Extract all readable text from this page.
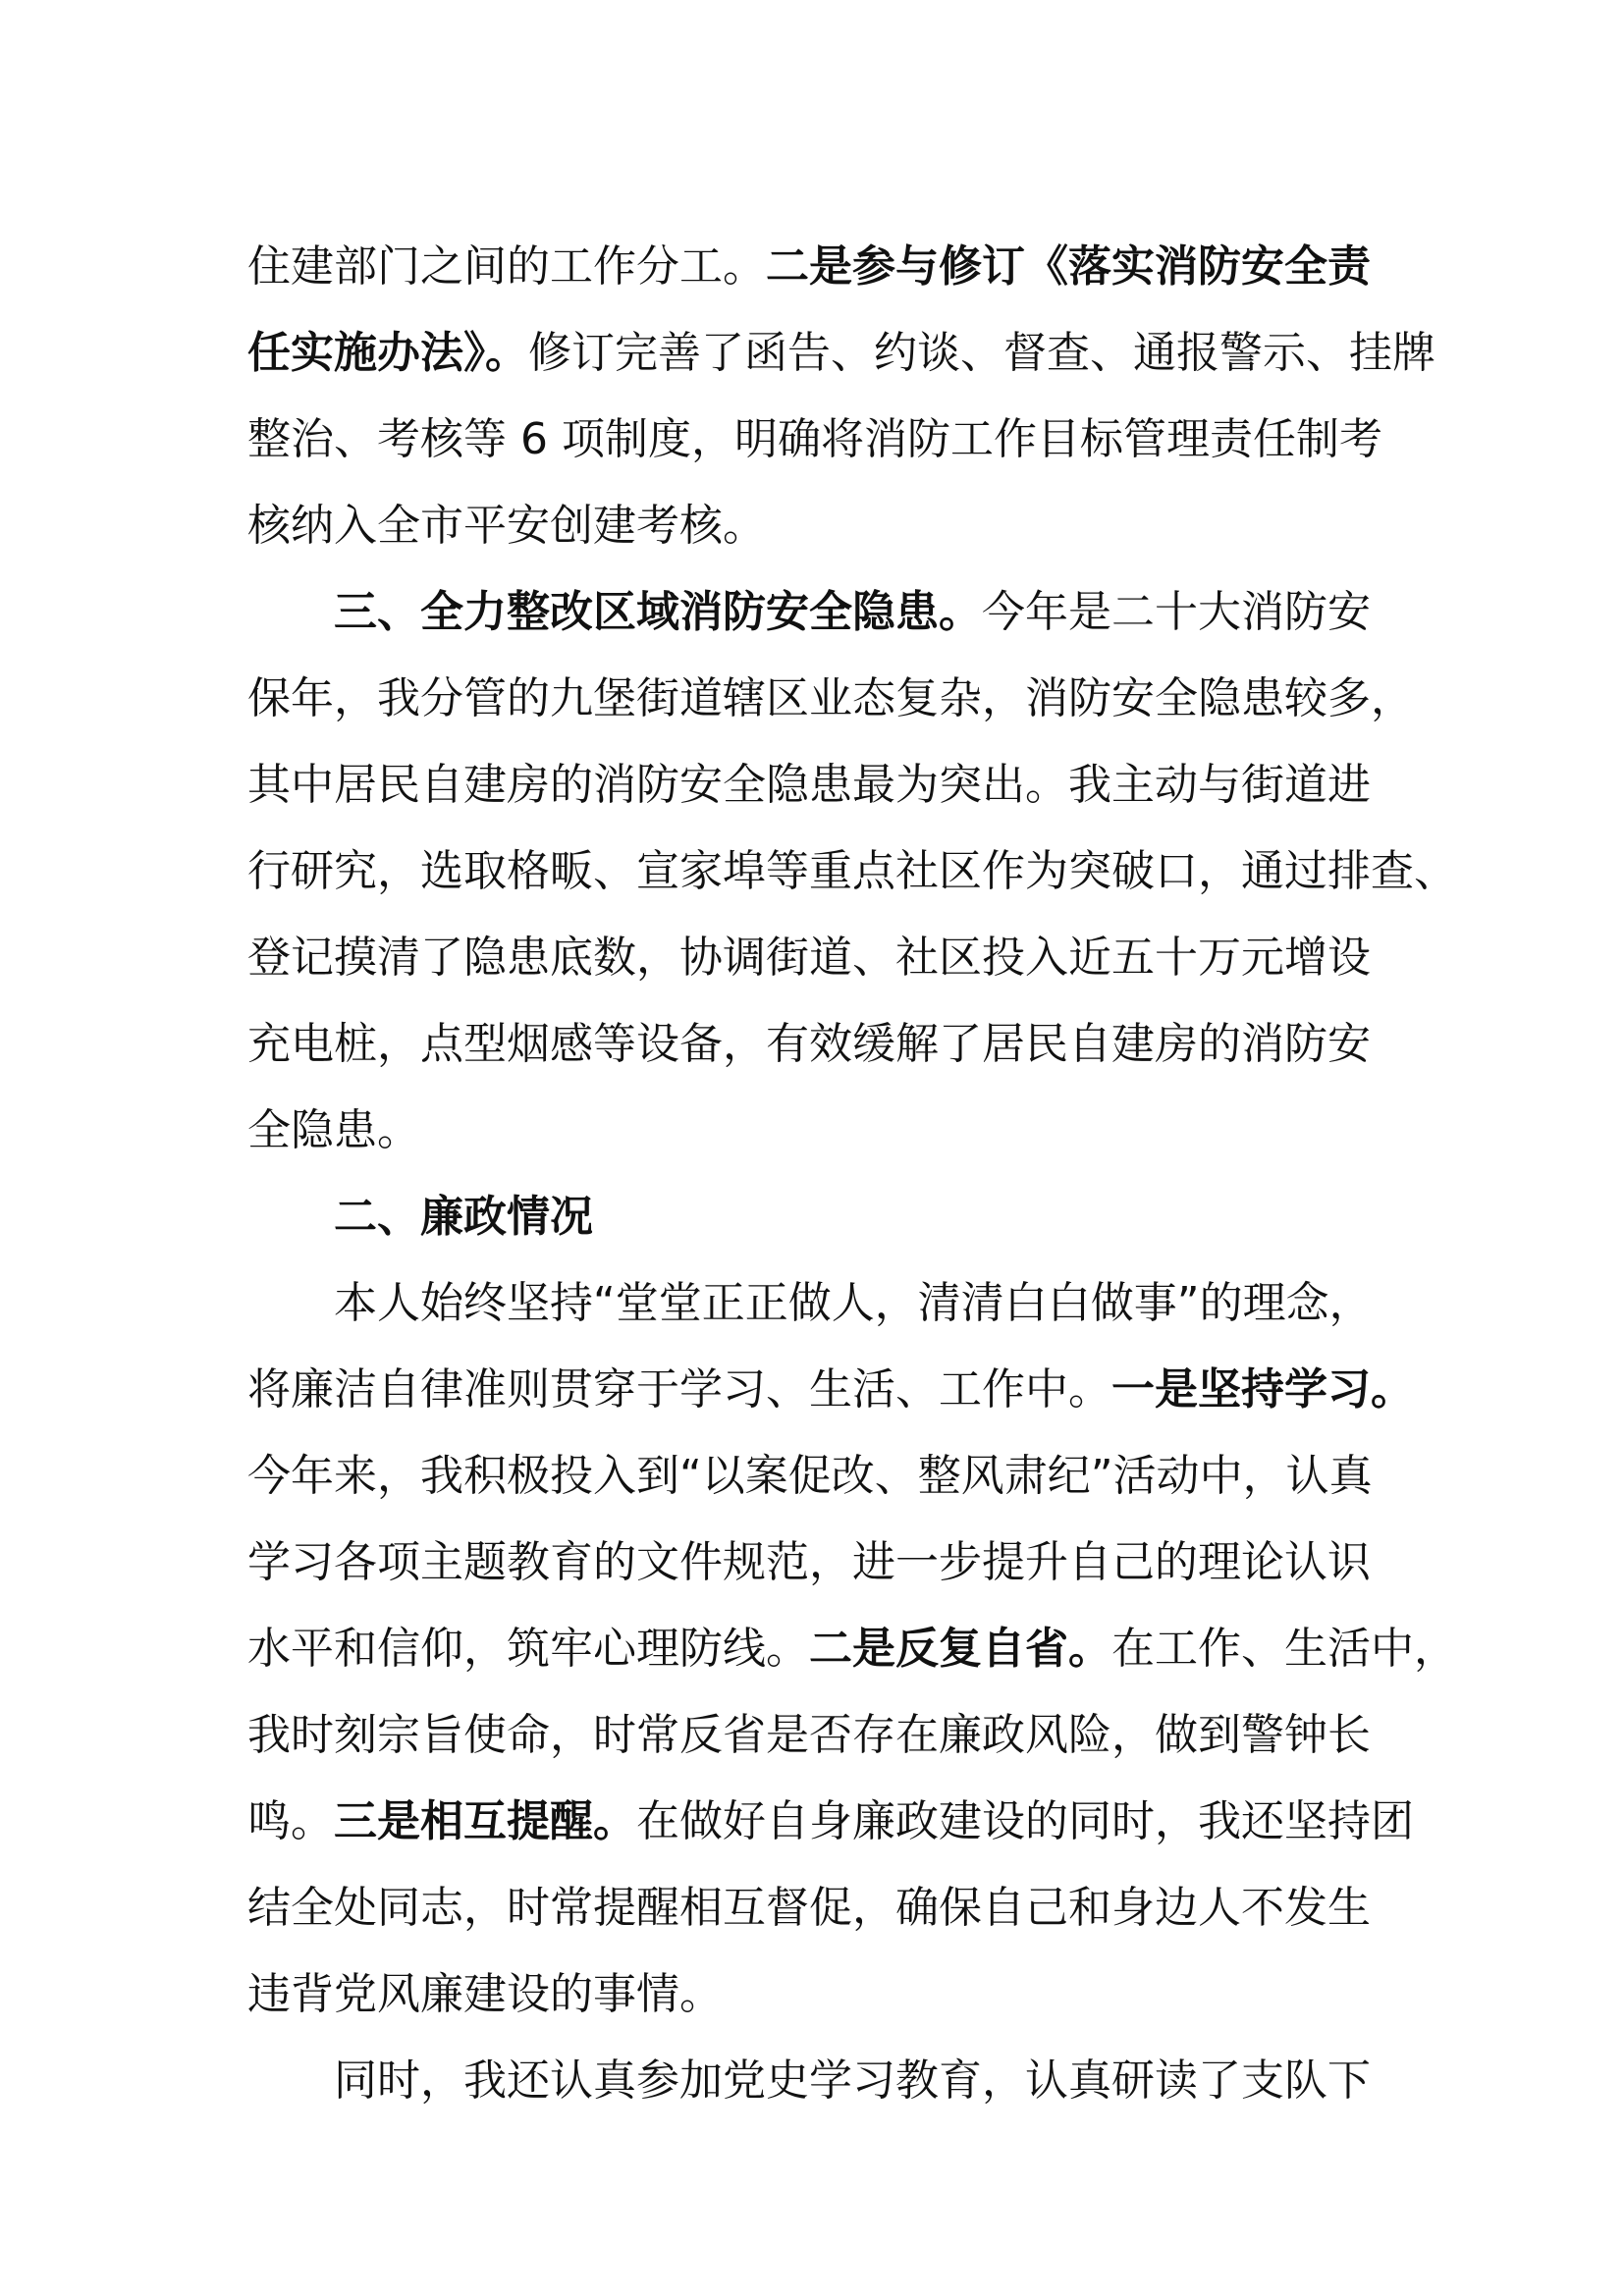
住建部门之间的工作分工。二是参与修订《落实消防安全责
任实施办法》。修订完善了函告、约谈、督查、通报警示、挂牌
整治、考核等 6 项制度，明确将消防工作目标管理责任制考
核纳入全市平安创建考核。
三、全力整改区域消防安全隐患。今年是二十大消防安
保年，我分管的九堡街道辖区业态复杂，消防安全隐患较多，
其中居民自建房的消防安全隐患最为突出。我主动与街道进
行研究，选取格畈、宣家埠等重点社区作为突破口，通过排查、
登记摸清了隐患底数，协调街道、社区投入近五十万元增设
充电桩，点型烟感等设备，有效缓解了居民自建房的消防安
全隐患。
二、廉政情况
本人始终坚持“堂堂正正做人，清清白白做事”的理念，
将廉洁自律准则贯穿于学习、生活、工作中。一是坚持学习。
今年来，我积极投入到“以案促改、整风肃纪”活动中，认真
学习各项主题教育的文件规范，进一步提升自己的理论认识
水平和信仰，筑牢心理防线。二是反复自省。在工作、生活中，
我时刻宗旨使命，时常反省是否存在廉政风险，做到警钟长
鸣。三是相互提醒。在做好自身廉政建设的同时，我还坚持团
结全处同志，时常提醒相互督促，确保自己和身边人不发生
违背党风廉建设的事情。
同时，我还认真参加党史学习教育，认真研读了支队下
